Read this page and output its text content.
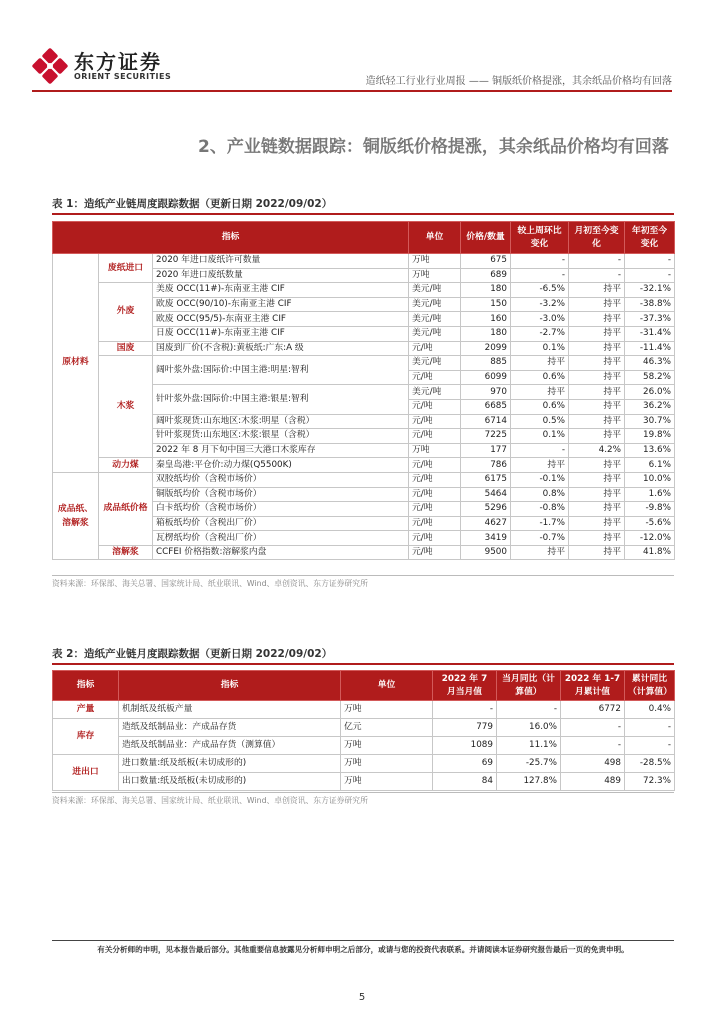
东方证券
ORIENT SECURITIES	造纸轻工行业行业周报 —— 铜版纸价格提涨，其余纸品价格均有回落
2、产业链数据跟踪：铜版纸价格提涨，其余纸品价格均有回落
表 1：造纸产业链周度跟踪数据（更新日期 2022/09/02）
指标			单位	价格/数量	较上周环比变化	月初至今变化	年初至今变化
原材料	废纸进口	2020 年进口废纸许可数量	万吨	675	-	-	-
		2020 年进口废纸数量	万吨	689	-	-	-
	外废	美废 OCC(11#)-东南亚主港 CIF	美元/吨	180	-6.5%	持平	-32.1%
		欧废 OCC(90/10)-东南亚主港 CIF	美元/吨	150	-3.2%	持平	-38.8%
		欧废 OCC(95/5)-东南亚主港 CIF	美元/吨	160	-3.0%	持平	-37.3%
		日废 OCC(11#)-东南亚主港 CIF	美元/吨	180	-2.7%	持平	-31.4%
	国废	国废到厂价(不含税):黄板纸:广东:A 级	元/吨	2099	0.1%	持平	-11.4%
	木浆	阔叶浆外盘:国际价:中国主港:明星:智利	美元/吨	885	持平	持平	46.3%
			元/吨	6099	0.6%	持平	58.2%
		针叶浆外盘:国际价:中国主港:银星:智利	美元/吨	970	持平	持平	26.0%
			元/吨	6685	0.6%	持平	36.2%
		阔叶浆现货:山东地区:木浆:明星（含税）	元/吨	6714	0.5%	持平	30.7%
		针叶浆现货:山东地区:木浆:银星（含税）	元/吨	7225	0.1%	持平	19.8%
		2022 年 8 月下旬中国三大港口木浆库存	万吨	177	-	4.2%	13.6%
	动力煤	秦皇岛港:平仓价:动力煤(Q5500K)	元/吨	786	持平	持平	6.1%
成品纸、溶解浆	成品纸价格	双胶纸均价（含税市场价）	元/吨	6175	-0.1%	持平	10.0%
		铜版纸均价（含税市场价）	元/吨	5464	0.8%	持平	1.6%
		白卡纸均价（含税市场价）	元/吨	5296	-0.8%	持平	-9.8%
		箱板纸均价（含税出厂价）	元/吨	4627	-1.7%	持平	-5.6%
		瓦楞纸均价（含税出厂价）	元/吨	3419	-0.7%	持平	-12.0%
	溶解浆	CCFEI 价格指数:溶解浆内盘	元/吨	9500	持平	持平	41.8%
资料来源：环保部、海关总署、国家统计局、纸业联讯、Wind、卓创资讯、东方证券研究所
表 2：造纸产业链月度跟踪数据（更新日期 2022/09/02）
指标	指标	单位	2022 年 7 月当月值	当月同比（计算值）	2022 年 1-7 月累计值	累计同比（计算值）
产量	机制纸及纸板产量	万吨	-	-	6772	0.4%
库存	造纸及纸制品业：产成品存货	亿元	779	16.0%	-	-
	造纸及纸制品业：产成品存货（测算值）	万吨	1089	11.1%	-	-
进出口	进口数量:纸及纸板(未切成形的)	万吨	69	-25.7%	498	-28.5%
	出口数量:纸及纸板(未切成形的)	万吨	84	127.8%	489	72.3%
资料来源：环保部、海关总署、国家统计局、纸业联讯、Wind、卓创资讯、东方证券研究所
有关分析师的申明，见本报告最后部分。其他重要信息披露见分析师申明之后部分，或请与您的投资代表联系。并请阅读本证券研究报告最后一页的免责申明。
5
